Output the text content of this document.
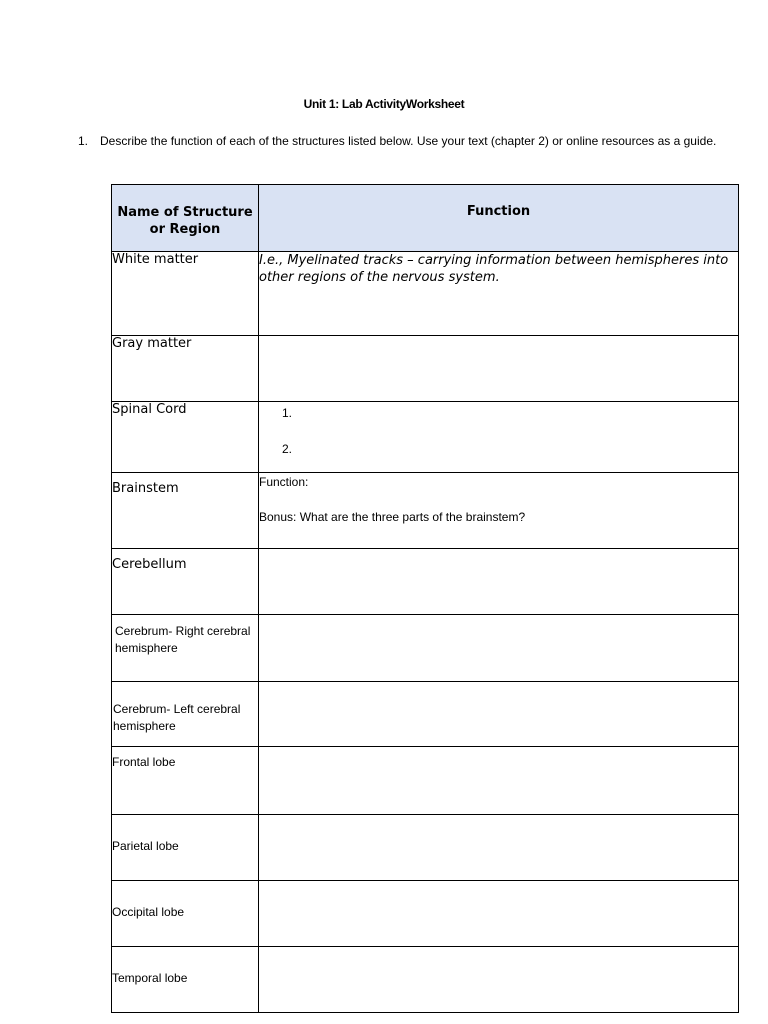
Unit 1: Lab ActivityWorksheet
1. Describe the function of each of the structures listed below. Use your text (chapter 2) or online resources as a guide.
Name of Structure or Region	Function
White matter	I.e., Myelinated tracks – carrying information between hemispheres into other regions of the nervous system.
Gray matter	
Spinal Cord	1.
2.

Brainstem	Function:
Bonus: What are the three parts of the brainstem?

Cerebellum	
Cerebrum- Right cerebral hemisphere	
Cerebrum- Left cerebral hemisphere	
Frontal lobe	
Parietal lobe	
Occipital lobe	
Temporal lobe	
